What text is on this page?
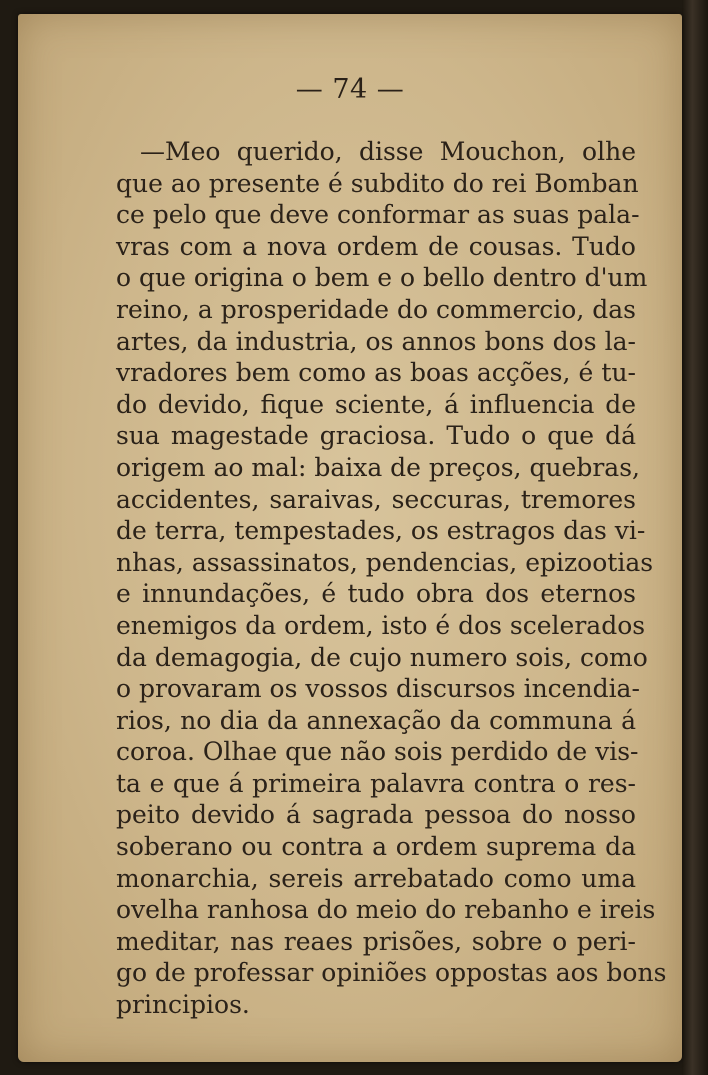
— 74 —
—Meo querido, disse Mouchon, olhe
que ao presente é subdito do rei Bomban
ce pelo que deve conformar as suas pala-
vras com a nova ordem de cousas. Tudo
o que origina o bem e o bello dentro d'um
reino, a prosperidade do commercio, das
artes, da industria, os annos bons dos la-
vradores bem como as boas acções, é tu-
do devido, fique sciente, á influencia de
sua magestade graciosa. Tudo o que dá
origem ao mal: baixa de preços, quebras,
accidentes, saraivas, seccuras, tremores
de terra, tempestades, os estragos das vi-
nhas, assassinatos, pendencias, epizootias
e innundações, é tudo obra dos eternos
enemigos da ordem, isto é dos scelerados
da demagogia, de cujo numero sois, como
o provaram os vossos discursos incendia-
rios, no dia da annexação da communa á
coroa. Olhae que não sois perdido de vis-
ta e que á primeira palavra contra o res-
peito devido á sagrada pessoa do nosso
soberano ou contra a ordem suprema da
monarchia, sereis arrebatado como uma
ovelha ranhosa do meio do rebanho e ireis
meditar, nas reaes prisões, sobre o peri-
go de professar opiniões oppostas aos bons
principios.
